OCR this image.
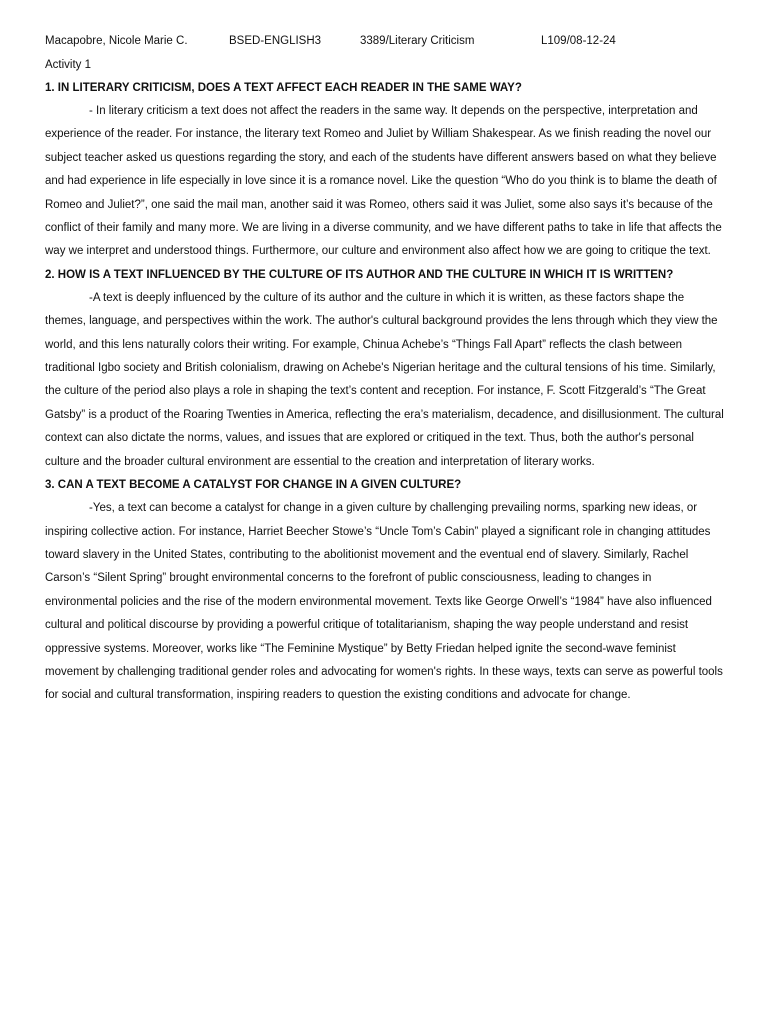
Macapobre, Nicole Marie C.	BSED-ENGLISH3	3389/Literary Criticism	L109/08-12-24
Activity 1

1. IN LITERARY CRITICISM, DOES A TEXT AFFECT EACH READER IN THE SAME WAY?

- In literary criticism a text does not affect the readers in the same way. It depends on the perspective, interpretation and experience of the reader. For instance, the literary text Romeo and Juliet by William Shakespear. As we finish reading the novel our subject teacher asked us questions regarding the story, and each of the students have different answers based on what they believe and had experience in life especially in love since it is a romance novel. Like the question “Who do you think is to blame the death of Romeo and Juliet?”, one said the mail man, another said it was Romeo, others said it was Juliet, some also says it’s because of the conflict of their family and many more. We are living in a diverse community, and we have different paths to take in life that affects the way we interpret and understood things. Furthermore, our culture and environment also affect how we are going to critique the text.

2. HOW IS A TEXT INFLUENCED BY THE CULTURE OF ITS AUTHOR AND THE CULTURE IN WHICH IT IS WRITTEN?

-A text is deeply influenced by the culture of its author and the culture in which it is written, as these factors shape the themes, language, and perspectives within the work. The author's cultural background provides the lens through which they view the world, and this lens naturally colors their writing. For example, Chinua Achebe’s “Things Fall Apart” reflects the clash between traditional Igbo society and British colonialism, drawing on Achebe's Nigerian heritage and the cultural tensions of his time. Similarly, the culture of the period also plays a role in shaping the text’s content and reception. For instance, F. Scott Fitzgerald’s “The Great Gatsby” is a product of the Roaring Twenties in America, reflecting the era’s materialism, decadence, and disillusionment. The cultural context can also dictate the norms, values, and issues that are explored or critiqued in the text. Thus, both the author's personal culture and the broader cultural environment are essential to the creation and interpretation of literary works.

3. CAN A TEXT BECOME A CATALYST FOR CHANGE IN A GIVEN CULTURE?

-Yes, a text can become a catalyst for change in a given culture by challenging prevailing norms, sparking new ideas, or inspiring collective action. For instance, Harriet Beecher Stowe’s “Uncle Tom’s Cabin” played a significant role in changing attitudes toward slavery in the United States, contributing to the abolitionist movement and the eventual end of slavery. Similarly, Rachel Carson’s “Silent Spring” brought environmental concerns to the forefront of public consciousness, leading to changes in environmental policies and the rise of the modern environmental movement. Texts like George Orwell’s “1984” have also influenced cultural and political discourse by providing a powerful critique of totalitarianism, shaping the way people understand and resist oppressive systems. Moreover, works like “The Feminine Mystique” by Betty Friedan helped ignite the second-wave feminist movement by challenging traditional gender roles and advocating for women's rights. In these ways, texts can serve as powerful tools for social and cultural transformation, inspiring readers to question the existing conditions and advocate for change.
